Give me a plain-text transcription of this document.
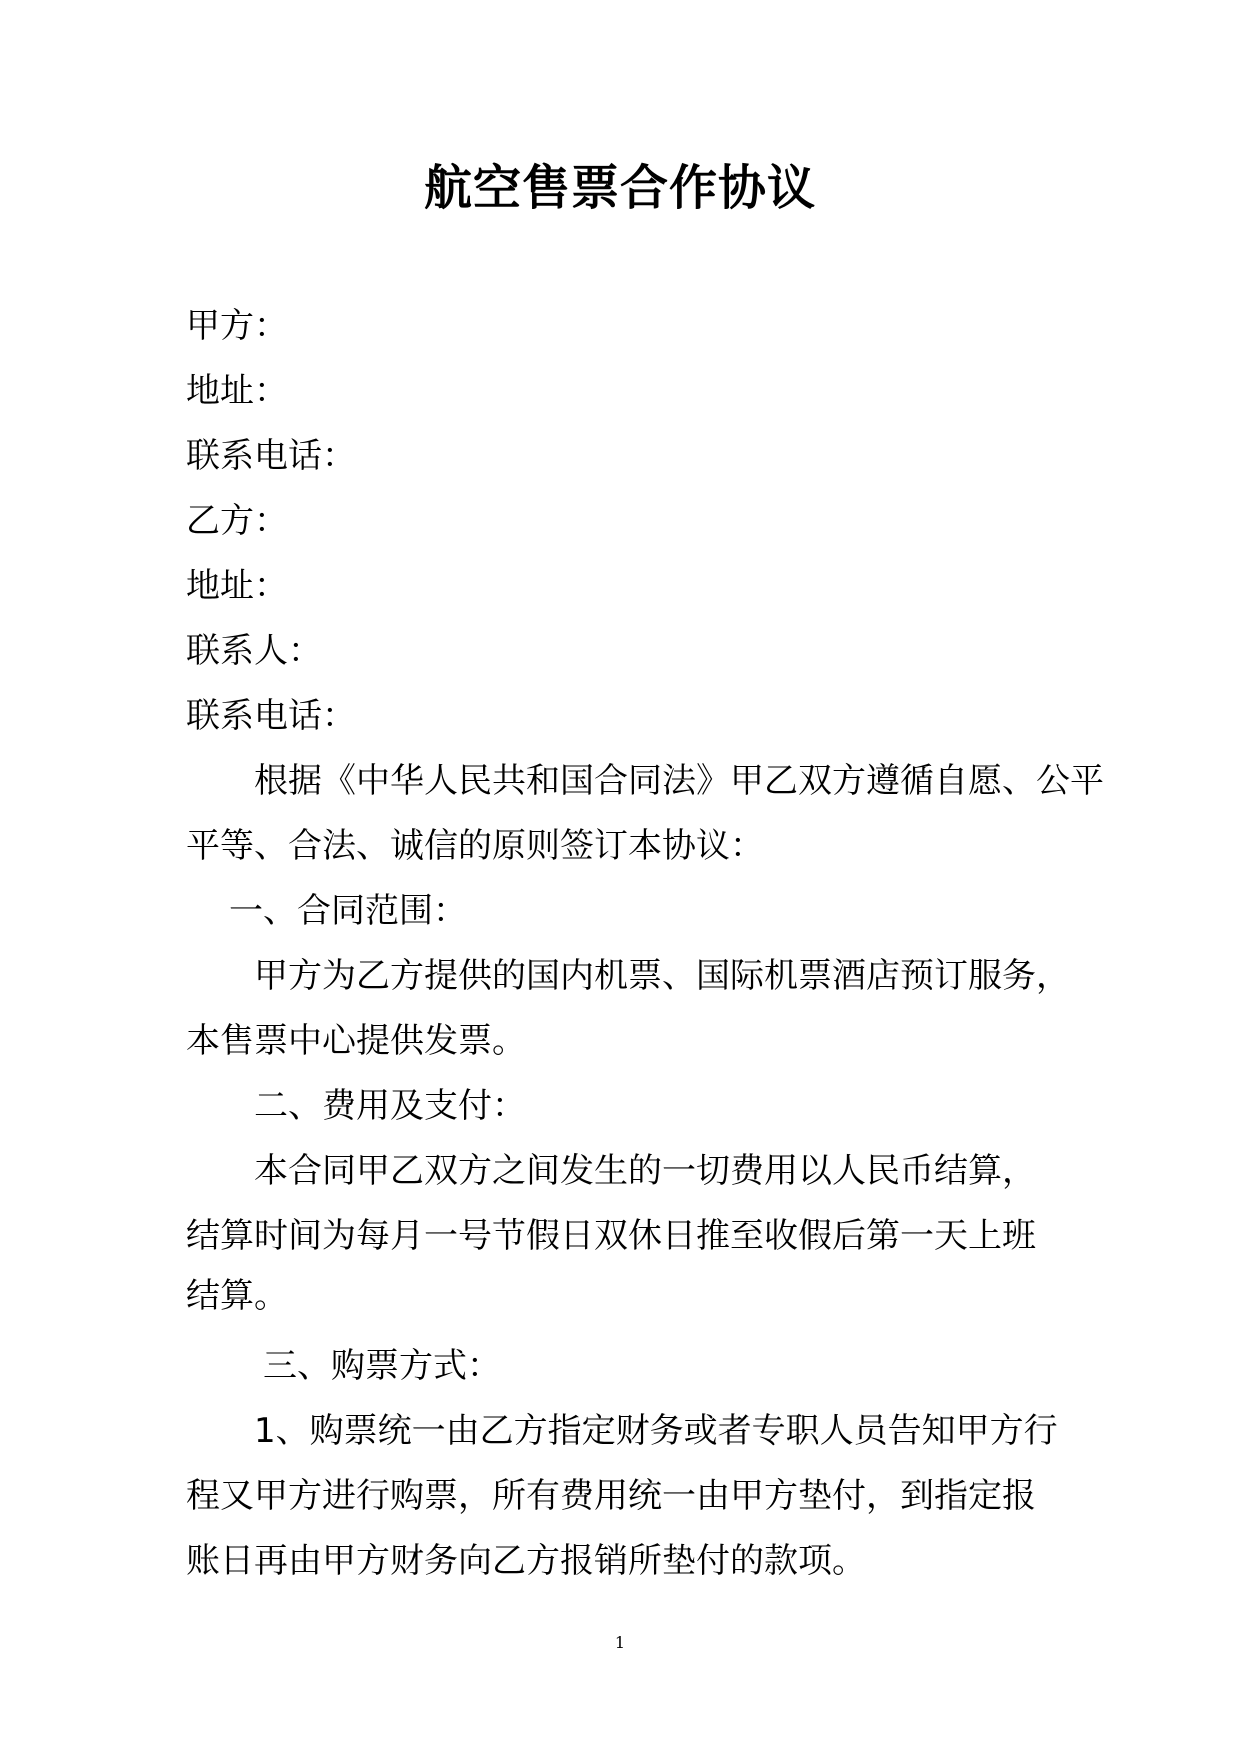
航空售票合作协议
甲方：
地址：
联系电话：
乙方：
地址：
联系人：
联系电话：
根据《中华人民共和国合同法》甲乙双方遵循自愿、公平
平等、合法、诚信的原则签订本协议：
一、合同范围：
甲方为乙方提供的国内机票、国际机票酒店预订服务，
本售票中心提供发票。
二、费用及支付：
本合同甲乙双方之间发生的一切费用以人民币结算，
结算时间为每月一号节假日双休日推至收假后第一天上班
结算。
三、购票方式：
1、购票统一由乙方指定财务或者专职人员告知甲方行
程又甲方进行购票，所有费用统一由甲方垫付，到指定报
账日再由甲方财务向乙方报销所垫付的款项。
1
